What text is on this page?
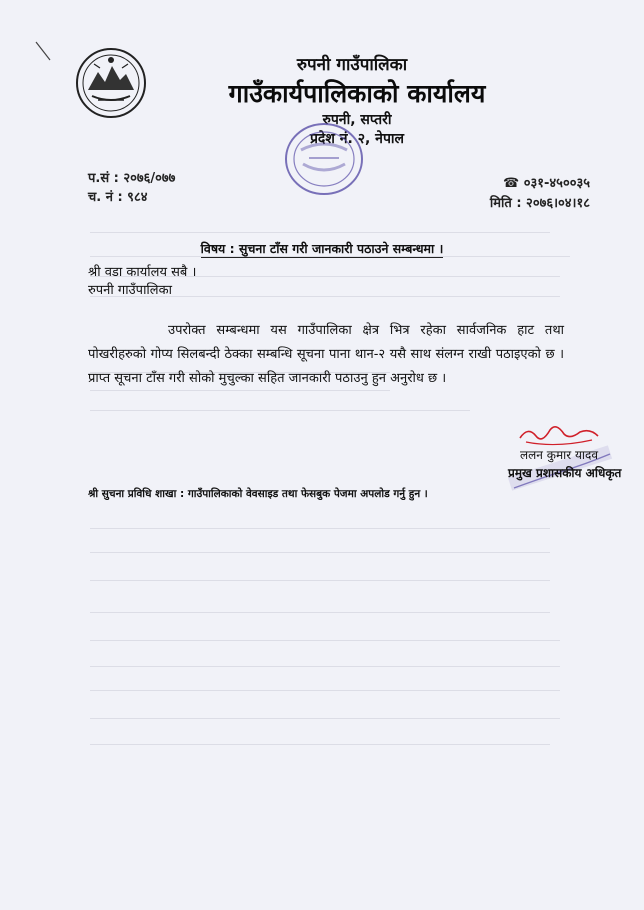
रुपनी गाउँपालिका
गाउँकार्यपालिकाको कार्यालय
रुपनी, सप्तरी
प्रदेश नं. २, नेपाल
प.सं : २०७६/०७७
च. नं : ९८४
☎ ०३१-४५००३५
मिति : २०७६।०४।१८
विषय : सुचना टाँस गरी जानकारी पठाउने सम्बन्धमा ।
श्री वडा कार्यालय सबै ।
रुपनी गाउँपालिका
उपरोक्त सम्बन्धमा यस गाउँपालिका क्षेत्र भित्र रहेका सार्वजनिक हाट तथा पोखरीहरुको गोप्य सिलबन्दी ठेक्का सम्बन्धि सूचना पाना थान-२ यसै साथ संलग्न राखी पठाइएको छ । प्राप्त सूचना टाँस गरी सोको मुचुल्का सहित जानकारी पठाउनु हुन अनुरोध छ ।
ललन कुमार यादव
प्रमुख प्रशासकीय अधिकृत
श्री सुचना प्रविधि शाखा : गाउँपालिकाको वेवसाइड तथा फेसबुक पेजमा अपलोड गर्नु हुन ।
